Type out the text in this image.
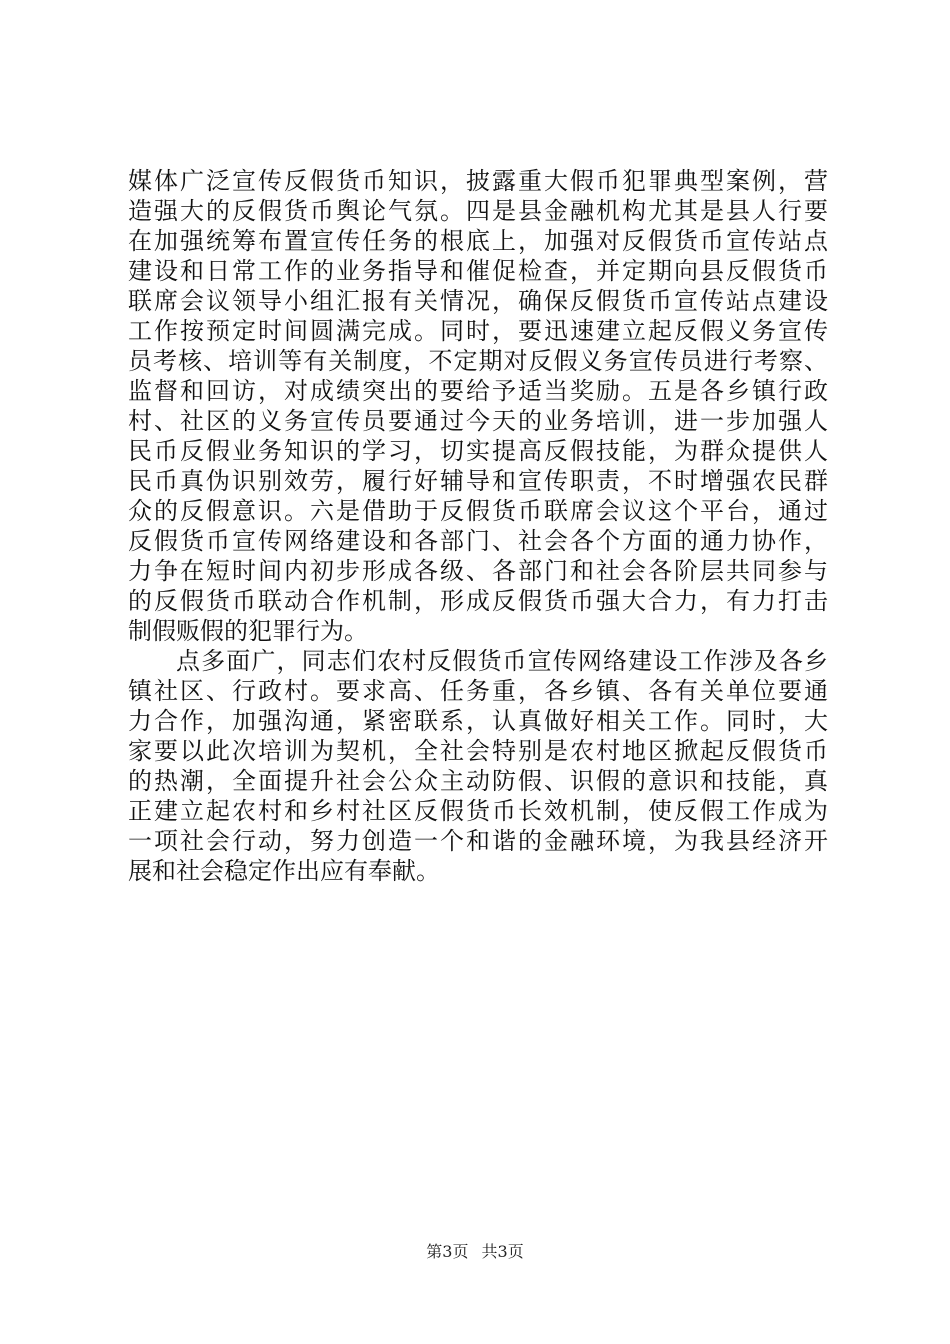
媒体广泛宣传反假货币知识，披露重大假币犯罪典型案例，营
造强大的反假货币舆论气氛。四是县金融机构尤其是县人行要
在加强统筹布置宣传任务的根底上，加强对反假货币宣传站点
建设和日常工作的业务指导和催促检查，并定期向县反假货币
联席会议领导小组汇报有关情况，确保反假货币宣传站点建设
工作按预定时间圆满完成。同时，要迅速建立起反假义务宣传
员考核、培训等有关制度，不定期对反假义务宣传员进行考察、
监督和回访，对成绩突出的要给予适当奖励。五是各乡镇行政
村、社区的义务宣传员要通过今天的业务培训，进一步加强人
民币反假业务知识的学习，切实提高反假技能，为群众提供人
民币真伪识别效劳，履行好辅导和宣传职责，不时增强农民群
众的反假意识。六是借助于反假货币联席会议这个平台，通过
反假货币宣传网络建设和各部门、社会各个方面的通力协作，
力争在短时间内初步形成各级、各部门和社会各阶层共同参与
的反假货币联动合作机制，形成反假货币强大合力，有力打击
制假贩假的犯罪行为。
点多面广，同志们农村反假货币宣传网络建设工作涉及各乡
镇社区、行政村。要求高、任务重，各乡镇、各有关单位要通
力合作，加强沟通，紧密联系，认真做好相关工作。同时，大
家要以此次培训为契机，全社会特别是农村地区掀起反假货币
的热潮，全面提升社会公众主动防假、识假的意识和技能，真
正建立起农村和乡村社区反假货币长效机制，使反假工作成为
一项社会行动，努力创造一个和谐的金融环境，为我县经济开
展和社会稳定作出应有奉献。
第3页 共3页
